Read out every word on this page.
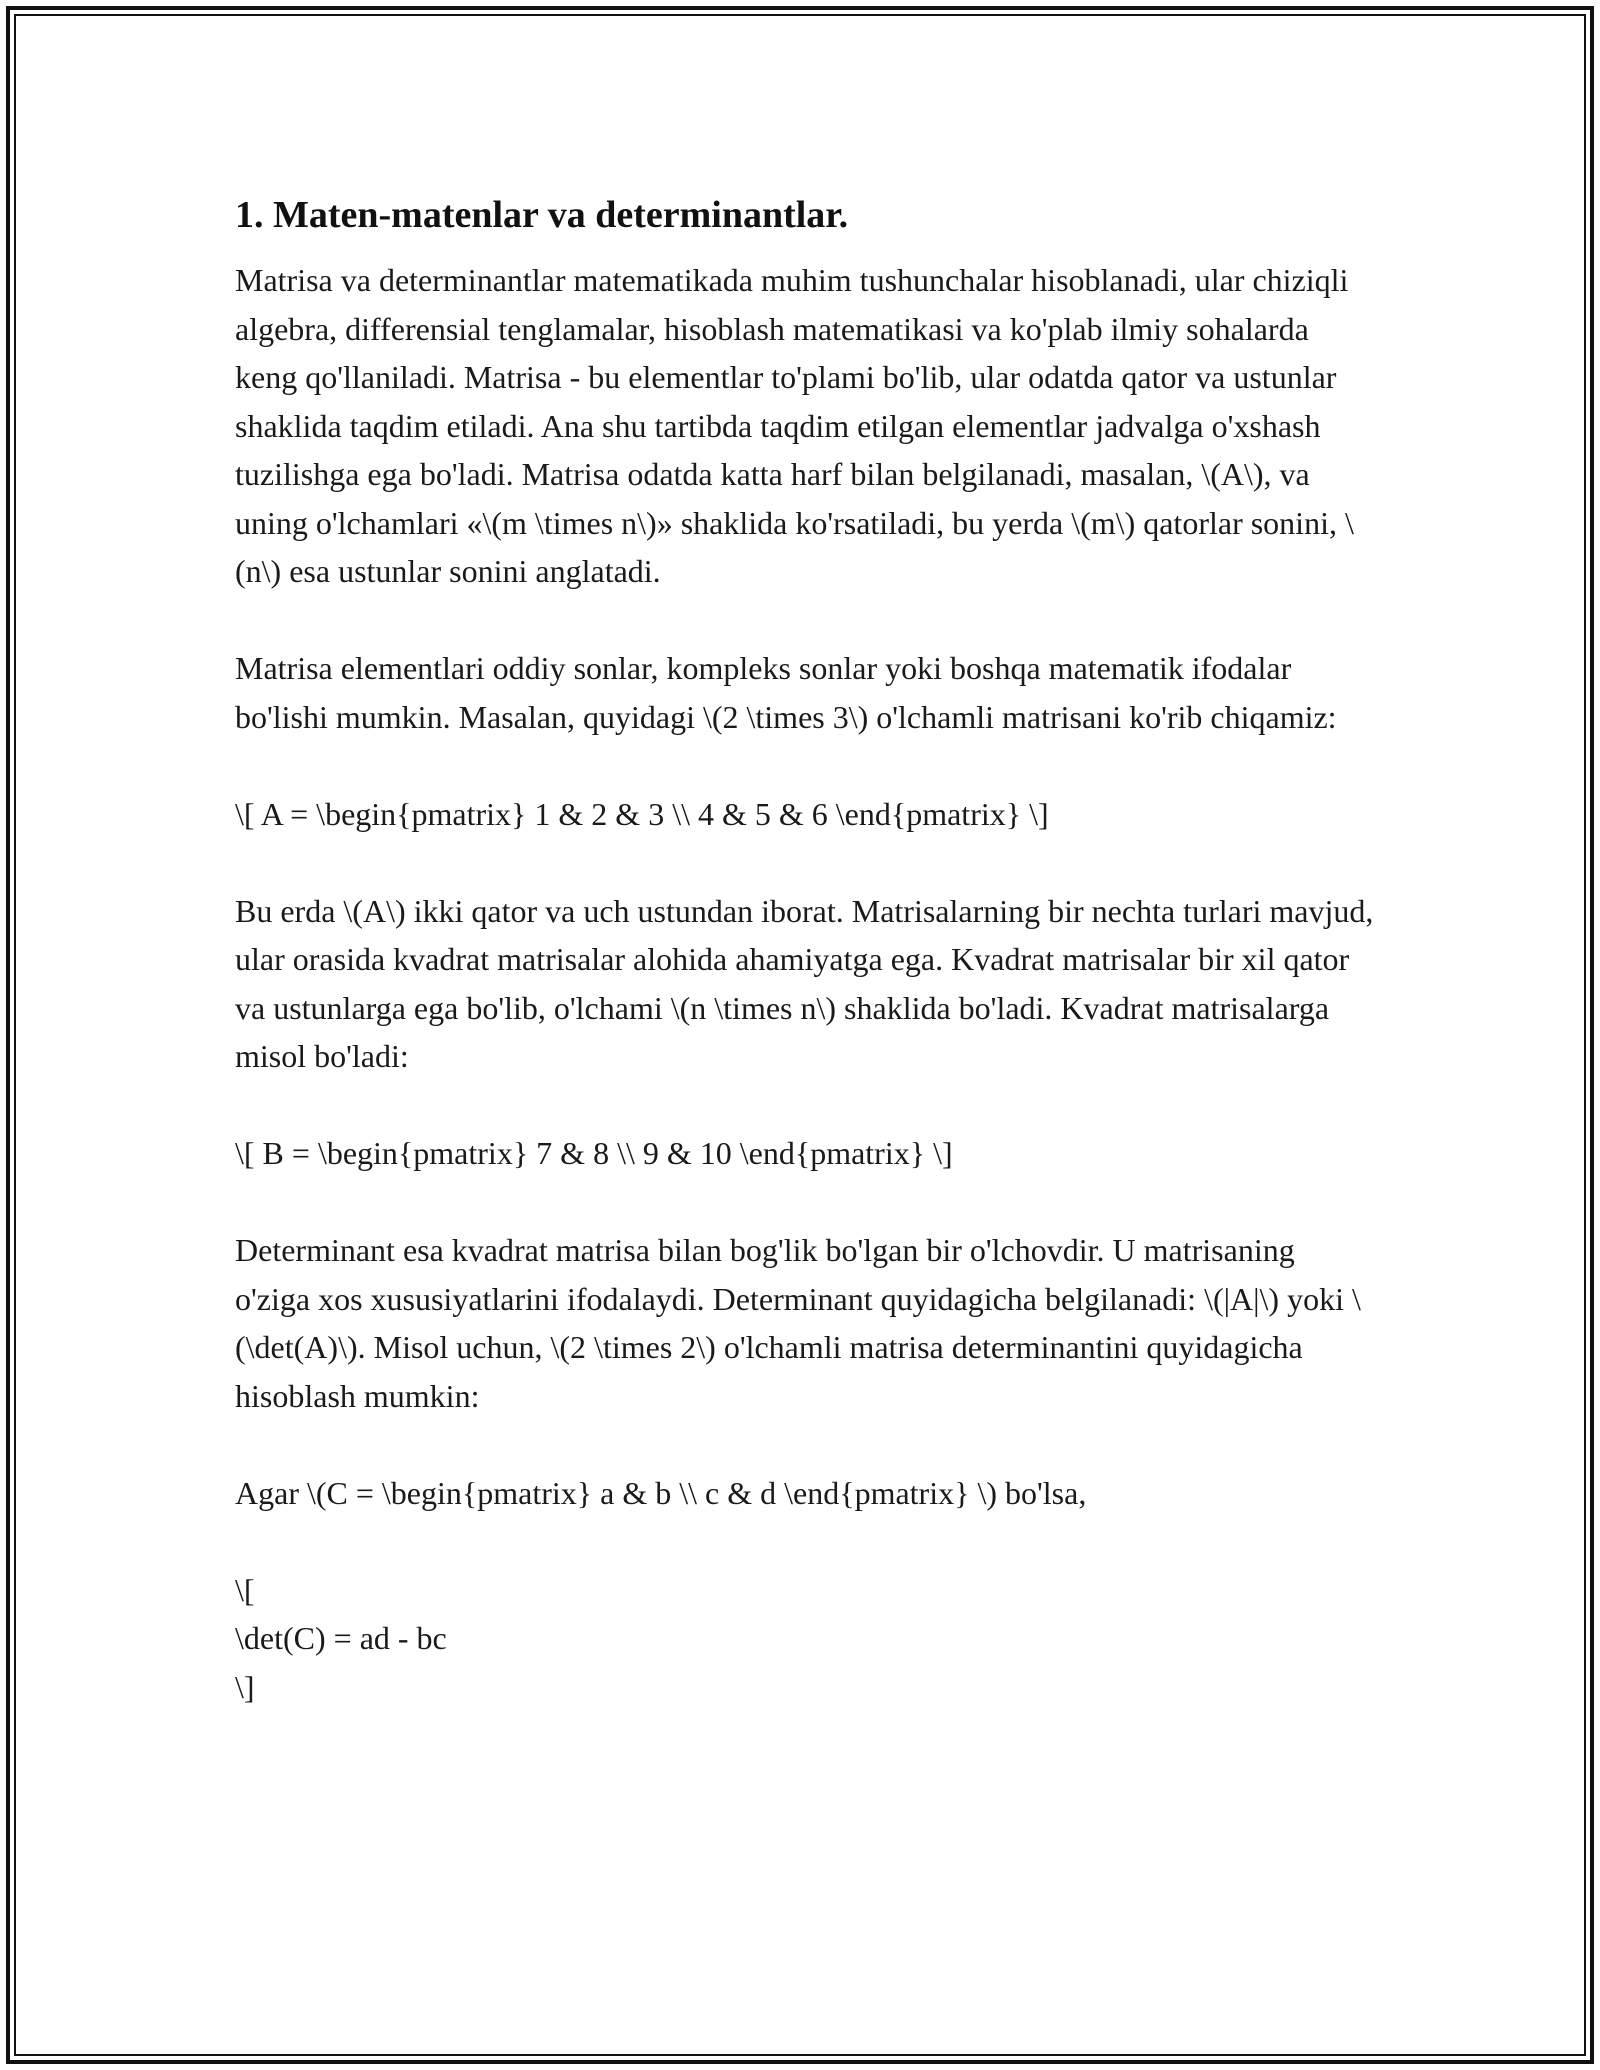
1. Maten-matenlar va determinantlar.

Matrisa va determinantlar matematikada muhim tushunchalar hisoblanadi, ular chiziqli algebra, differensial tenglamalar, hisoblash matematikasi va ko'plab ilmiy sohalarda keng qo'llaniladi. Matrisa - bu elementlar to'plami bo'lib, ular odatda qator va ustunlar shaklida taqdim etiladi. Ana shu tartibda taqdim etilgan elementlar jadvalga o'xshash tuzilishga ega bo'ladi. Matrisa odatda katta harf bilan belgilanadi, masalan, \(A\), va uning o'lchamlari «\(m \times n\)» shaklida ko'rsatiladi, bu yerda \(m\) qatorlar sonini, \(n\) esa ustunlar sonini anglatadi.

Matrisa elementlari oddiy sonlar, kompleks sonlar yoki boshqa matematik ifodalar bo'lishi mumkin. Masalan, quyidagi \(2 \times 3\) o'lchamli matrisani ko'rib chiqamiz:

\[ A = \begin{pmatrix} 1 & 2 & 3 \\ 4 & 5 & 6 \end{pmatrix} \]

Bu erda \(A\) ikki qator va uch ustundan iborat. Matrisalarning bir nechta turlari mavjud, ular orasida kvadrat matrisalar alohida ahamiyatga ega. Kvadrat matrisalar bir xil qator va ustunlarga ega bo'lib, o'lchami \(n \times n\) shaklida bo'ladi. Kvadrat matrisalarga misol bo'ladi:

\[ B = \begin{pmatrix} 7 & 8 \\ 9 & 10 \end{pmatrix} \]

Determinant esa kvadrat matrisa bilan bog'lik bo'lgan bir o'lchovdir. U matrisaning o'ziga xos xususiyatlarini ifodalaydi. Determinant quyidagicha belgilanadi: \(|A|\) yoki \(\det(A)\). Misol uchun, \(2 \times 2\) o'lchamli matrisa determinantini quyidagicha hisoblash mumkin:

Agar \(C = \begin{pmatrix} a & b \\ c & d \end{pmatrix} \) bo'lsa,

\[
\det(C) = ad - bc
\]
